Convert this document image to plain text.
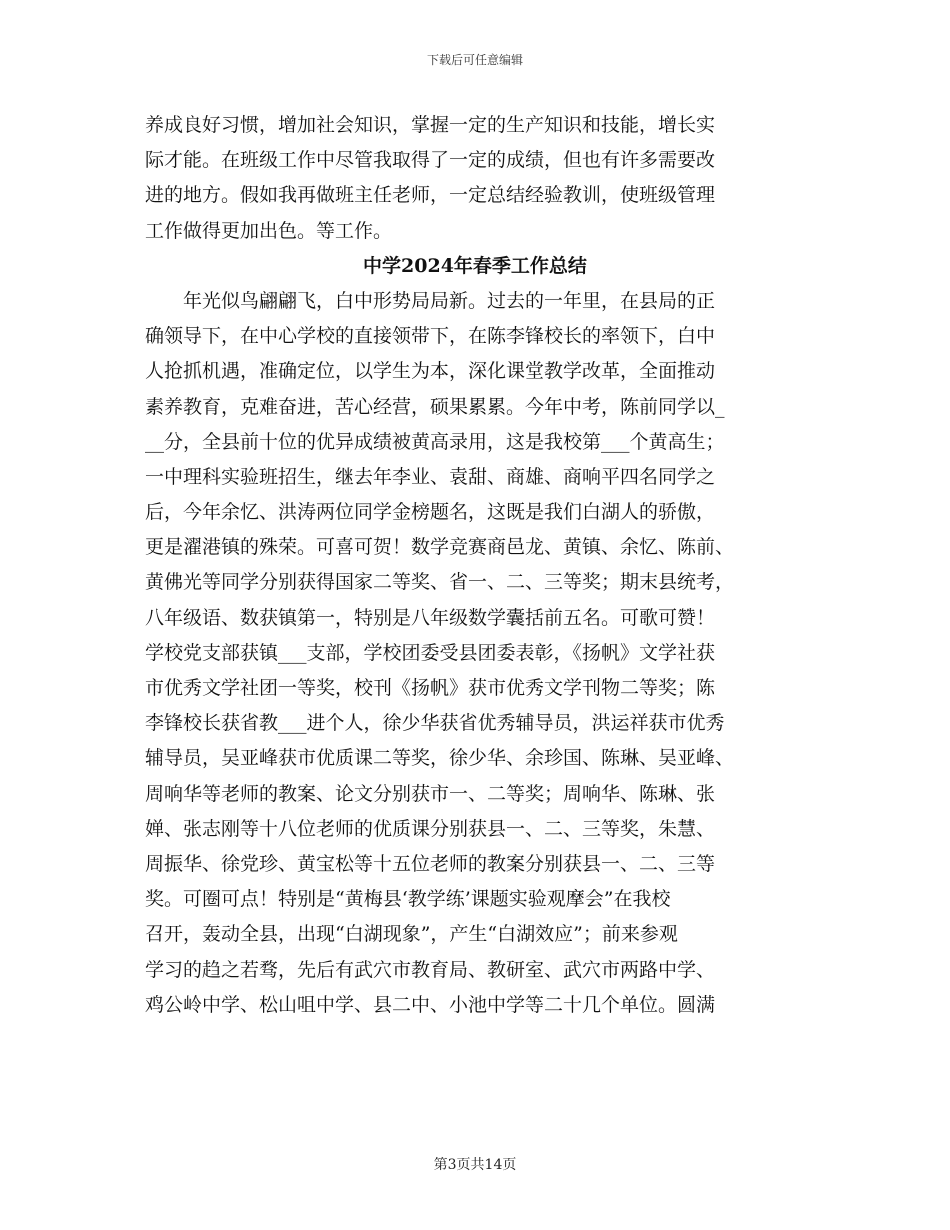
下载后可任意编辑
养成良好习惯，增加社会知识，掌握一定的生产知识和技能，增长实
际才能。在班级工作中尽管我取得了一定的成绩，但也有许多需要改
进的地方。假如我再做班主任老师，一定总结经验教训，使班级管理
工作做得更加出色。等工作。
中学2024年春季工作总结
　　年光似鸟翩翩飞，白中形势局局新。过去的一年里，在县局的正
确领导下，在中心学校的直接领带下，在陈李锋校长的率领下，白中
人抢抓机遇，准确定位，以学生为本，深化课堂教学改革，全面推动
素养教育，克难奋进，苦心经营，硕果累累。今年中考，陈前同学以_
__分，全县前十位的优异成绩被黄高录用，这是我校第___个黄高生；
一中理科实验班招生，继去年李业、袁甜、商雄、商响平四名同学之
后，今年余忆、洪涛两位同学金榜题名，这既是我们白湖人的骄傲，
更是濯港镇的殊荣。可喜可贺！数学竞赛商邑龙、黄镇、余忆、陈前、
黄佛光等同学分别获得国家二等奖、省一、二、三等奖；期末县统考，
八年级语、数获镇第一，特别是八年级数学囊括前五名。可歌可赞！
学校党支部获镇___支部，学校团委受县团委表彰，《扬帆》文学社获
市优秀文学社团一等奖，校刊《扬帆》获市优秀文学刊物二等奖；陈
李锋校长获省教___进个人，徐少华获省优秀辅导员，洪运祥获市优秀
辅导员，吴亚峰获市优质课二等奖，徐少华、余珍国、陈琳、吴亚峰、
周响华等老师的教案、论文分别获市一、二等奖；周响华、陈琳、张
婵、张志刚等十八位老师的优质课分别获县一、二、三等奖，朱慧、
周振华、徐党珍、黄宝松等十五位老师的教案分别获县一、二、三等
奖。可圈可点！特别是“黄梅县‘教学练’课题实验观摩会”在我校
召开，轰动全县，出现“白湖现象”，产生“白湖效应”；前来参观
学习的趋之若骛，先后有武穴市教育局、教研室、武穴市两路中学、
鸡公岭中学、松山咀中学、县二中、小池中学等二十几个单位。圆满
第3页共14页
